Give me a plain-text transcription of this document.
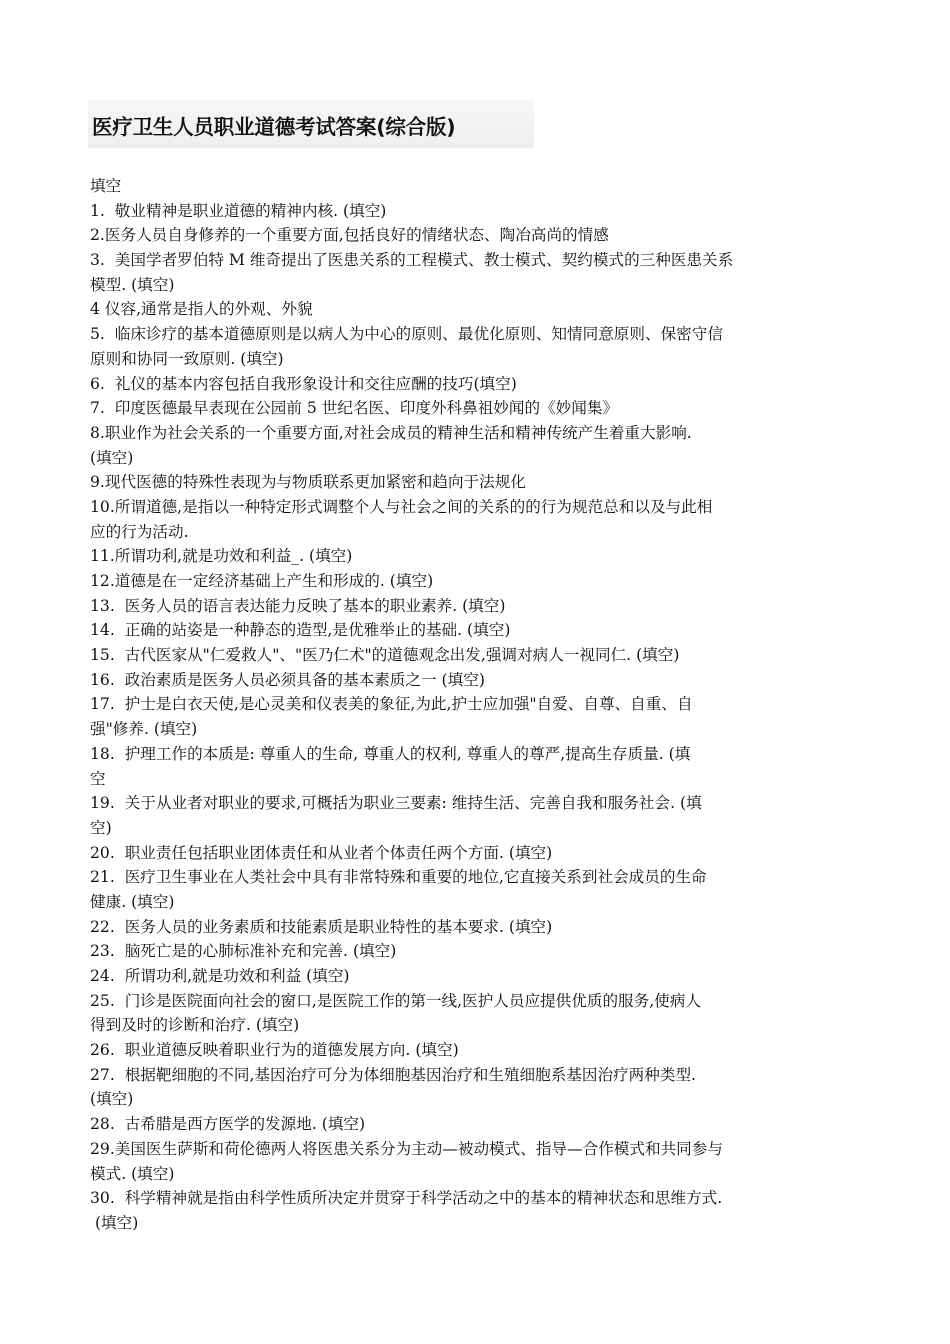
医疗卫生人员职业道德考试答案(综合版)
填空
1.  敬业精神是职业道德的精神内核. (填空)
2.医务人员自身修养的一个重要方面,包括良好的情绪状态、陶冶高尚的情感
3.  美国学者罗伯特 M 维奇提出了医患关系的工程模式、教士模式、契约模式的三种医患关系
模型. (填空)
4 仪容,通常是指人的外观、外貌
5.  临床诊疗的基本道德原则是以病人为中心的原则、最优化原则、知情同意原则、保密守信
原则和协同一致原则. (填空)
6.  礼仪的基本内容包括自我形象设计和交往应酬的技巧(填空)
7.  印度医德最早表现在公园前 5 世纪名医、印度外科鼻祖妙闻的《妙闻集》
8.职业作为社会关系的一个重要方面,对社会成员的精神生活和精神传统产生着重大影响.
(填空)
9.现代医德的特殊性表现为与物质联系更加紧密和趋向于法规化
10.所谓道德,是指以一种特定形式调整个人与社会之间的关系的的行为规范总和以及与此相
应的行为活动.
11.所谓功利,就是功效和利益_. (填空)
12.道德是在一定经济基础上产生和形成的. (填空)
13.  医务人员的语言表达能力反映了基本的职业素养. (填空)
14.  正确的站姿是一种静态的造型,是优雅举止的基础. (填空)
15.  古代医家从"仁爱救人"、"医乃仁术"的道德观念出发,强调对病人一视同仁. (填空)
16.  政治素质是医务人员必须具备的基本素质之一 (填空)
17.  护士是白衣天使,是心灵美和仪表美的象征,为此,护士应加强"自爱、自尊、自重、自
强"修养. (填空)
18.  护理工作的本质是: 尊重人的生命, 尊重人的权利, 尊重人的尊严,提高生存质量. (填
空
19.  关于从业者对职业的要求,可概括为职业三要素: 维持生活、完善自我和服务社会. (填
空)
20.  职业责任包括职业团体责任和从业者个体责任两个方面. (填空)
21.  医疗卫生事业在人类社会中具有非常特殊和重要的地位,它直接关系到社会成员的生命
健康. (填空)
22.  医务人员的业务素质和技能素质是职业特性的基本要求. (填空)
23.  脑死亡是的心肺标准补充和完善. (填空)
24.  所谓功利,就是功效和利益 (填空)
25.  门诊是医院面向社会的窗口,是医院工作的第一线,医护人员应提供优质的服务,使病人
得到及时的诊断和治疗. (填空)
26.  职业道德反映着职业行为的道德发展方向. (填空)
27.  根据靶细胞的不同,基因治疗可分为体细胞基因治疗和生殖细胞系基因治疗两种类型.
(填空)
28.  古希腊是西方医学的发源地. (填空)
29.美国医生萨斯和荷伦德两人将医患关系分为主动—被动模式、指导—合作模式和共同参与
模式. (填空)
30.  科学精神就是指由科学性质所决定并贯穿于科学活动之中的基本的精神状态和思维方式.
(填空)
